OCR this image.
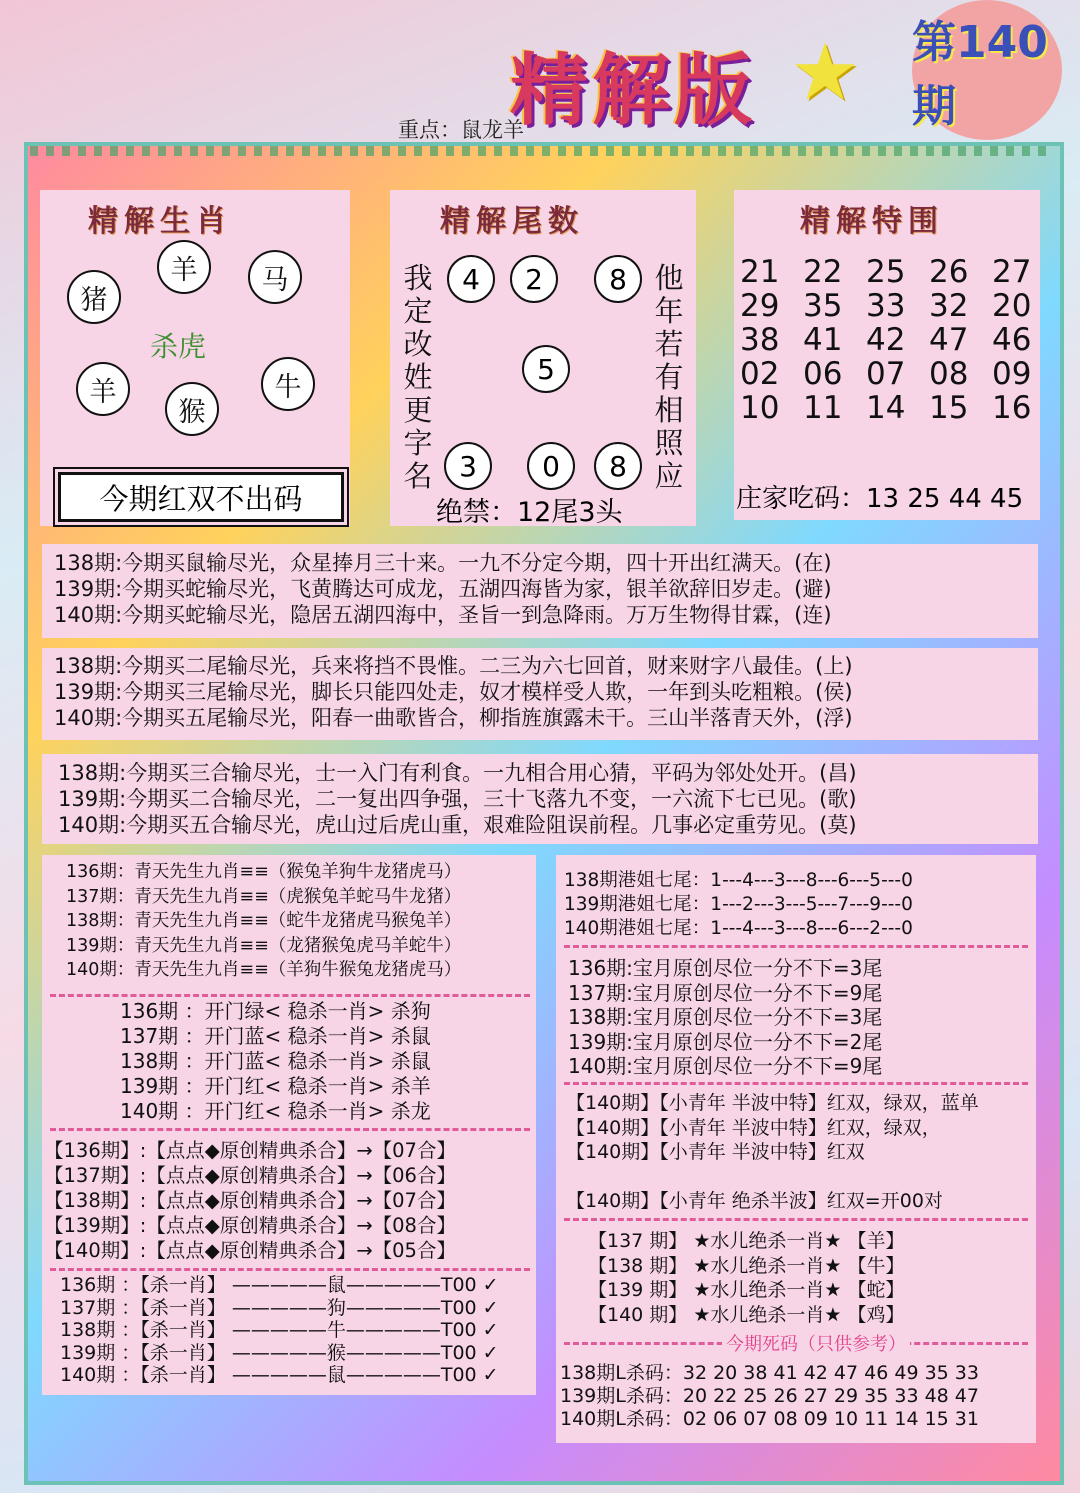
精解版 ★ 第140期
重点：鼠龙羊
精解生肖
羊	马
猪
牛
羊
猴
杀虎
今期红双不出码
精解尾数
我定改姓更字名
他年若有相照应
4	2	8
5
3	0	8
绝禁：12尾3头
精解特围
21 22 25 26 27
29 35 33 32 20
38 41 42 47 46
02 06 07 08 09
10 11 14 15 16
庄家吃码：13 25 44 45
138期:今期买鼠输尽光，众星捧月三十来。一九不分定今期，四十开出红满天。(在)
139期:今期买蛇输尽光，飞黄腾达可成龙，五湖四海皆为家，银羊欲辞旧岁走。(避)
140期:今期买蛇输尽光，隐居五湖四海中，圣旨一到急降雨。万万生物得甘霖，(连)
138期:今期买二尾输尽光，兵来将挡不畏惟。二三为六七回首，财来财字八最佳。(上)
139期:今期买三尾输尽光，脚长只能四处走，奴才模样受人欺，一年到头吃粗粮。(侯)
140期:今期买五尾输尽光，阳春一曲歌皆合，柳指旌旗露未干。三山半落青天外，(浮)
138期:今期买三合输尽光，士一入门有利食。一九相合用心猜，平码为邻处处开。(昌)
139期:今期买二合输尽光，二一复出四争强，三十飞落九不变，一六流下七已见。(歌)
140期:今期买五合输尽光，虎山过后虎山重，艰难险阻误前程。几事必定重劳见。(莫)
136期：青天先生九肖≡≡（猴兔羊狗牛龙猪虎马）
137期：青天先生九肖≡≡（虎猴兔羊蛇马牛龙猪）
138期：青天先生九肖≡≡（蛇牛龙猪虎马猴兔羊）
139期：青天先生九肖≡≡（龙猪猴兔虎马羊蛇牛）
140期：青天先生九肖≡≡（羊狗牛猴兔龙猪虎马）
136期 ：开门绿< 稳杀一肖> 杀狗
137期 ：开门蓝< 稳杀一肖> 杀鼠
138期 ：开门蓝< 稳杀一肖> 杀鼠
139期 ：开门红< 稳杀一肖> 杀羊
140期 ：开门红< 稳杀一肖> 杀龙
【136期】:【点点◆原创精典杀合】→【07合】
【137期】:【点点◆原创精典杀合】→【06合】
【138期】:【点点◆原创精典杀合】→【07合】
【139期】:【点点◆原创精典杀合】→【08合】
【140期】:【点点◆原创精典杀合】→【05合】
136期 ：【杀一肖】 —————鼠—————T00 ✓
137期 ：【杀一肖】 —————狗—————T00 ✓
138期 ：【杀一肖】 —————牛—————T00 ✓
139期 ：【杀一肖】 —————猴—————T00 ✓
140期 ：【杀一肖】 —————鼠—————T00 ✓
138期港姐七尾：1---4---3---8---6---5---0
139期港姐七尾：1---2---3---5---7---9---0
140期港姐七尾：1---4---3---8---6---2---0
136期:宝月原创尽位一分不下=3尾
137期:宝月原创尽位一分不下=9尾
138期:宝月原创尽位一分不下=3尾
139期:宝月原创尽位一分不下=2尾
140期:宝月原创尽位一分不下=9尾
【140期】【小青年 半波中特】红双，绿双，蓝单
【140期】【小青年 半波中特】红双，绿双，
【140期】【小青年 半波中特】红双
【140期】【小青年 绝杀半波】红双=开00对
【137 期】 ★水儿绝杀一肖★ 【羊】
【138 期】 ★水儿绝杀一肖★ 【牛】
【139 期】 ★水儿绝杀一肖★ 【蛇】
【140 期】 ★水儿绝杀一肖★ 【鸡】
今期死码（只供参考）
138期L杀码：32 20 38 41 42 47 46 49 35 33
139期L杀码：20 22 25 26 27 29 35 33 48 47
140期L杀码：02 06 07 08 09 10 11 14 15 31
